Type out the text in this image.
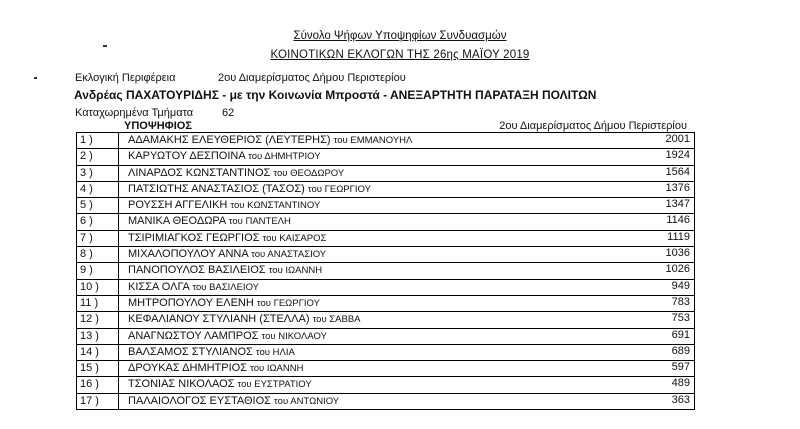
Σύνολο Ψήφων Υποψηφίων Συνδυασμών
ΚΟΙΝΟΤΙΚΩΝ ΕΚΛΟΓΩΝ ΤΗΣ 26ης ΜΑΪΟΥ 2019
Εκλογική Περιφέρεια	2ου Διαμερίσματος Δήμου Περιστερίου
Ανδρέας ΠΑΧΑΤΟΥΡΙΔΗΣ - με την Κοινωνία Μπροστά - ΑΝΕΞΑΡΤΗΤΗ ΠΑΡΑΤΑΞΗ ΠΟΛΙΤΩΝ
Καταχωρημένα Τμήματα	62
ΥΠΟΨΗΦΙΟΣ	2ου Διαμερίσματος Δήμου Περιστερίου
1 )	ΑΔΑΜΑΚΗΣ ΕΛΕΥΘΕΡΙΟΣ (ΛΕΥΤΕΡΗΣ) του ΕΜΜΑΝΟΥΗΛ	2001
2 )	ΚΑΡΥΩΤΟΥ ΔΕΣΠΟΙΝΑ του ΔΗΜΗΤΡΙΟΥ	1924
3 )	ΛΙΝΑΡΔΟΣ ΚΩΝΣΤΑΝΤΙΝΟΣ του ΘΕΟΔΩΡΟΥ	1564
4 )	ΠΑΤΣΙΩΤΗΣ ΑΝΑΣΤΑΣΙΟΣ (ΤΑΣΟΣ) του ΓΕΩΡΓΙΟΥ	1376
5 )	ΡΟΥΣΣΗ ΑΓΓΕΛΙΚΗ του ΚΩΝΣΤΑΝΤΙΝΟΥ	1347
6 )	ΜΑΝΙΚΑ ΘΕΟΔΩΡΑ του ΠΑΝΤΕΛΗ	1146
7 )	ΤΣΙΡΙΜΙΑΓΚΟΣ ΓΕΩΡΓΙΟΣ του ΚΑΙΣΑΡΟΣ	1119
8 )	ΜΙΧΑΛΟΠΟΥΛΟΥ ΑΝΝΑ του ΑΝΑΣΤΑΣΙΟΥ	1036
9 )	ΠΑΝΟΠΟΥΛΟΣ ΒΑΣΙΛΕΙΟΣ του ΙΩΑΝΝΗ	1026
10 )	ΚΙΣΣΑ ΟΛΓΑ του ΒΑΣΙΛΕΙΟΥ	949
11 )	ΜΗΤΡΟΠΟΥΛΟΥ ΕΛΕΝΗ του ΓΕΩΡΓΙΟΥ	783
12 )	ΚΕΦΑΛΙΑΝΟΥ ΣΤΥΛΙΑΝΗ (ΣΤΕΛΛΑ) του ΣΑΒΒΑ	753
13 )	ΑΝΑΓΝΩΣΤΟΥ ΛΑΜΠΡΟΣ του ΝΙΚΟΛΑΟΥ	691
14 )	ΒΑΛΣΑΜΟΣ ΣΤΥΛΙΑΝΟΣ του ΗΛΙΑ	689
15 )	ΔΡΟΥΚΑΣ ΔΗΜΗΤΡΙΟΣ του ΙΩΑΝΝΗ	597
16 )	ΤΣΟΝΙΑΣ ΝΙΚΟΛΑΟΣ του ΕΥΣΤΡΑΤΙΟΥ	489
17 )	ΠΑΛΑΙΟΛΟΓΟΣ ΕΥΣΤΑΘΙΟΣ του ΑΝΤΩΝΙΟΥ	363
